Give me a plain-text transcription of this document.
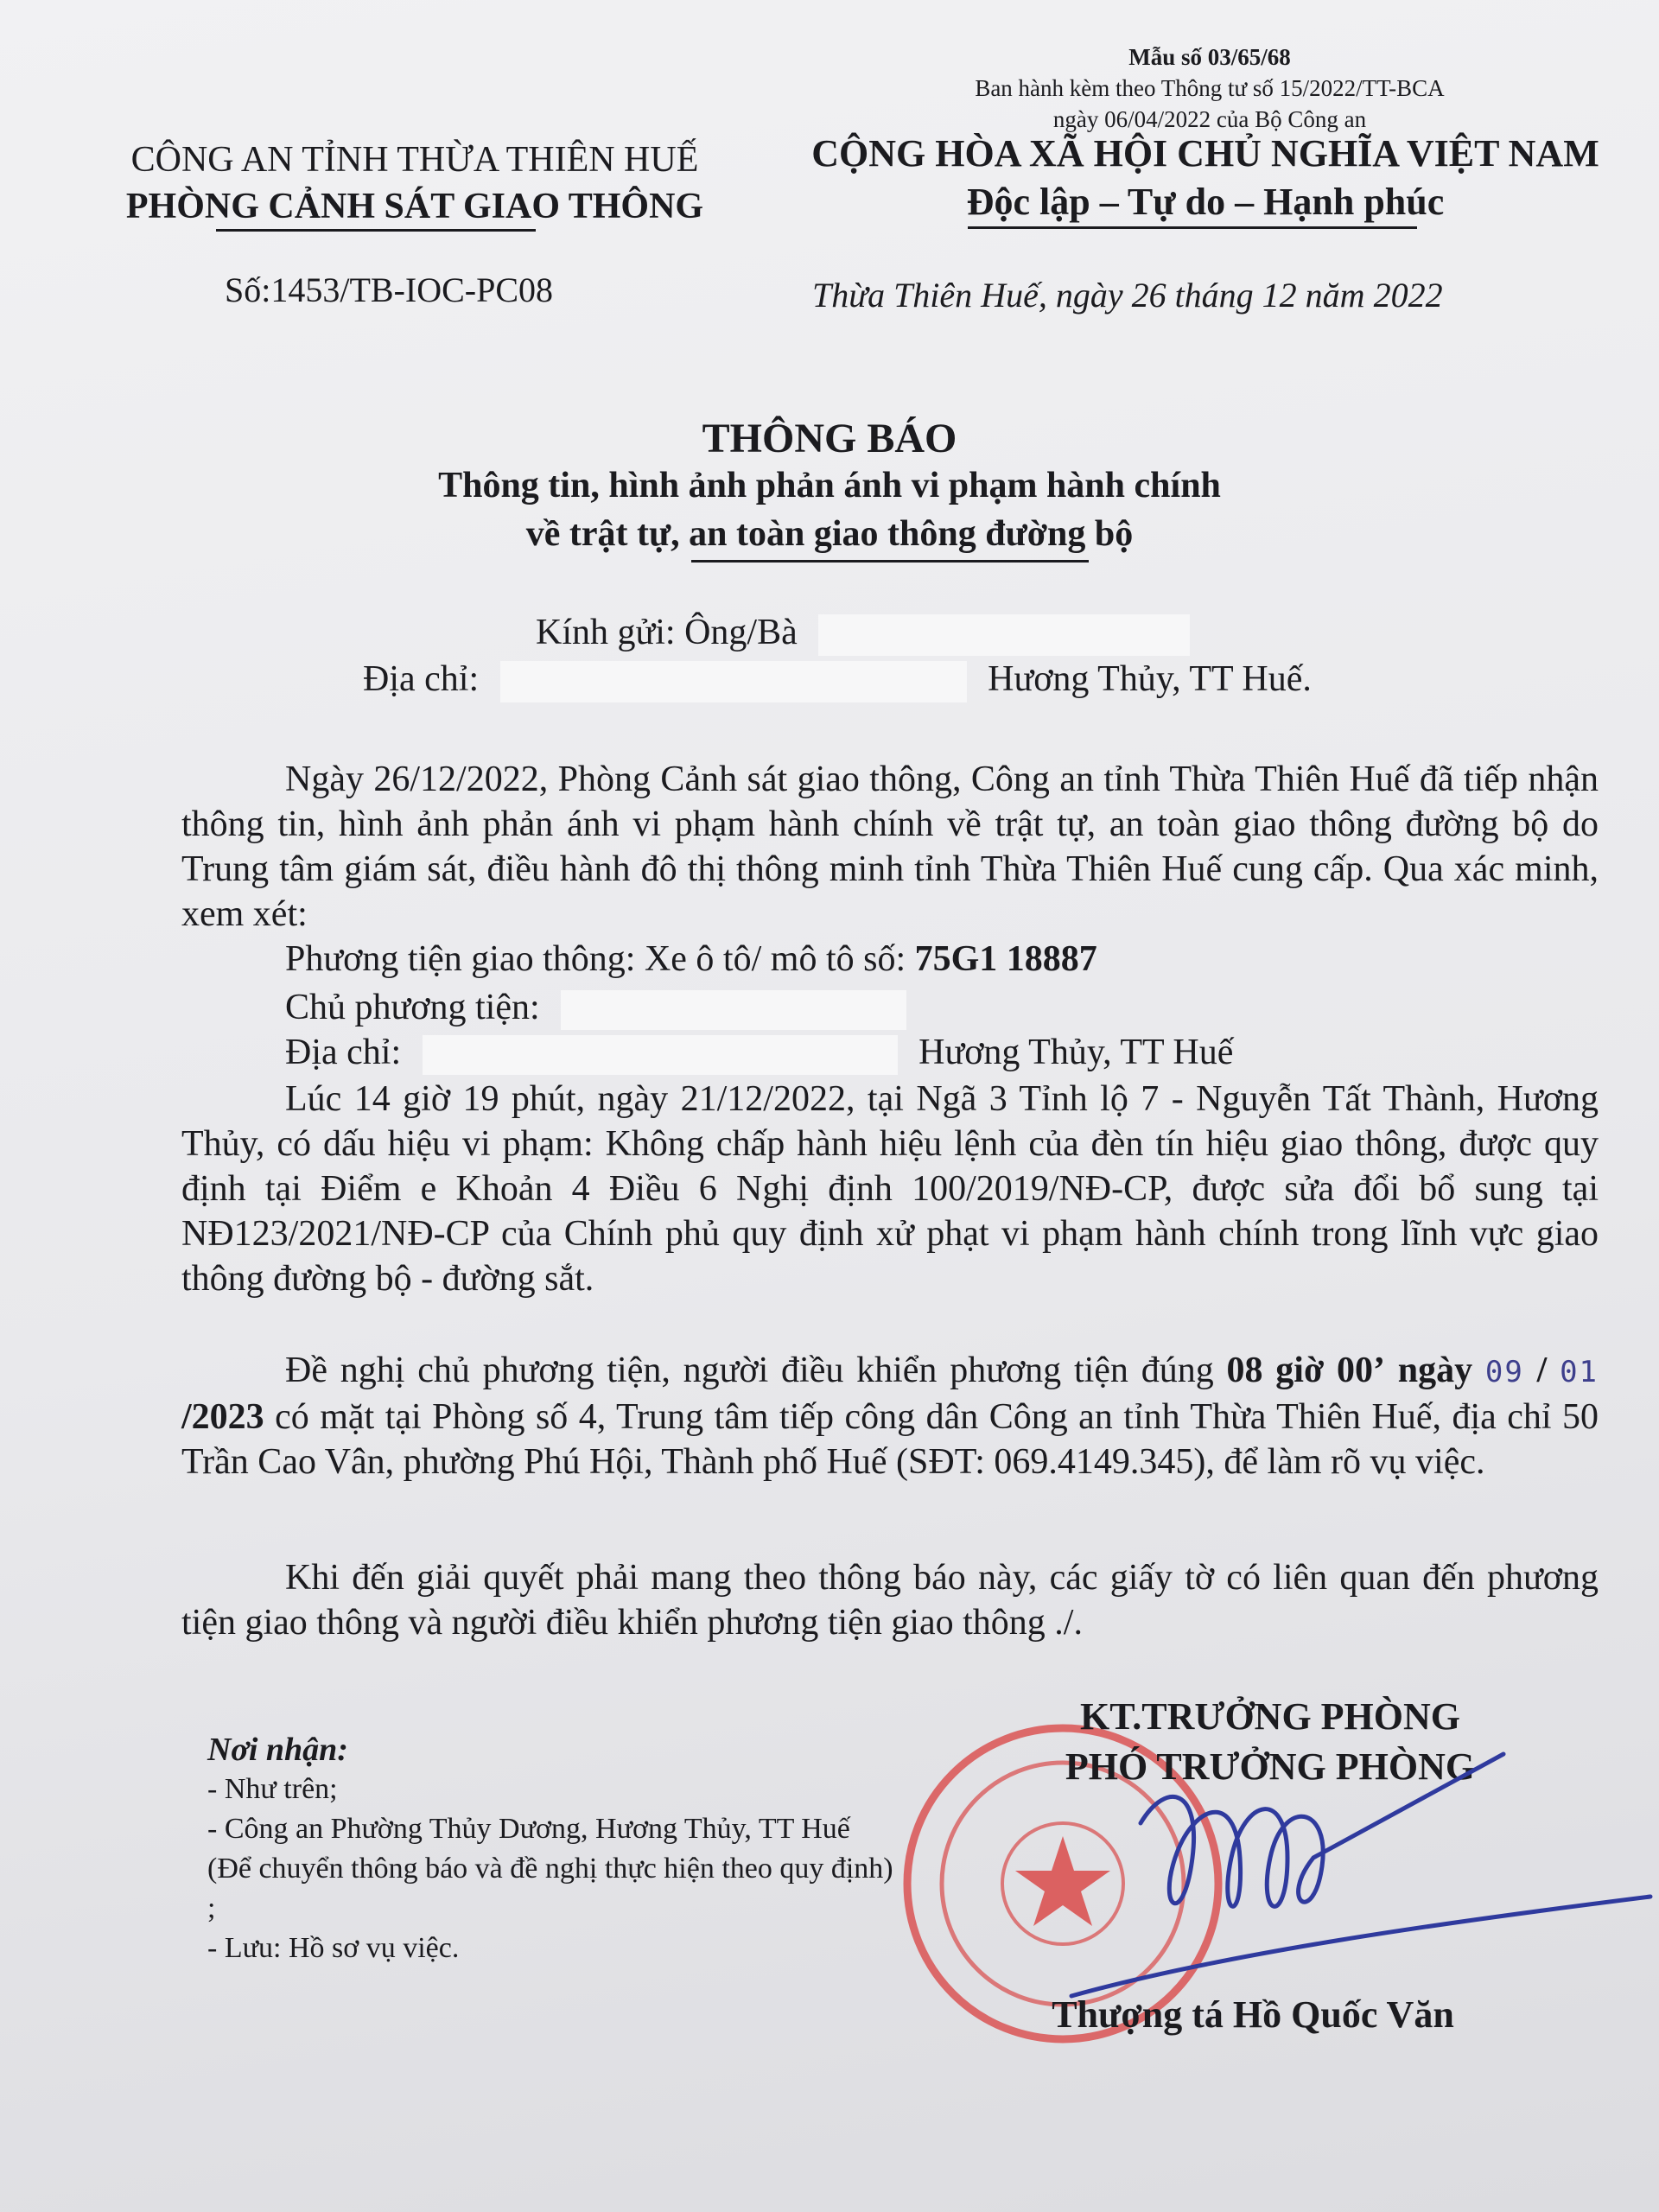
Mẫu số 03/65/68
Ban hành kèm theo Thông tư số 15/2022/TT-BCA
ngày 06/04/2022 của Bộ Công an
CÔNG AN TỈNH THỪA THIÊN HUẾ
PHÒNG CẢNH SÁT GIAO THÔNG
CỘNG HÒA XÃ HỘI CHỦ NGHĨA VIỆT NAM
Độc lập – Tự do – Hạnh phúc
Số:1453/TB-IOC-PC08	Thừa Thiên Huế, ngày 26 tháng 12 năm 2022
THÔNG BÁO
Thông tin, hình ảnh phản ánh vi phạm hành chính
về trật tự, an toàn giao thông đường bộ
Kính gửi: Ông/Bà
Địa chỉ:	Hương Thủy, TT Huế.
Ngày 26/12/2022, Phòng Cảnh sát giao thông, Công an tỉnh Thừa Thiên Huế đã tiếp nhận thông tin, hình ảnh phản ánh vi phạm hành chính về trật tự, an toàn giao thông đường bộ do Trung tâm giám sát, điều hành đô thị thông minh tỉnh Thừa Thiên Huế cung cấp. Qua xác minh, xem xét:
Phương tiện giao thông: Xe ô tô/ mô tô số: 75G1 18887
Chủ phương tiện:
Địa chỉ:	Hương Thủy, TT Huế
Lúc 14 giờ 19 phút, ngày 21/12/2022, tại Ngã 3 Tỉnh lộ 7 - Nguyễn Tất Thành, Hương Thủy, có dấu hiệu vi phạm: Không chấp hành hiệu lệnh của đèn tín hiệu giao thông, được quy định tại Điểm e Khoản 4 Điều 6 Nghị định 100/2019/NĐ-CP, được sửa đổi bổ sung tại NĐ123/2021/NĐ-CP của Chính phủ quy định xử phạt vi phạm hành chính trong lĩnh vực giao thông đường bộ - đường sắt.
Đề nghị chủ phương tiện, người điều khiển phương tiện đúng 08 giờ 00’ ngày 09 / 01 /2023 có mặt tại Phòng số 4, Trung tâm tiếp công dân Công an tỉnh Thừa Thiên Huế, địa chỉ 50 Trần Cao Vân, phường Phú Hội, Thành phố Huế (SĐT: 069.4149.345), để làm rõ vụ việc.
Khi đến giải quyết phải mang theo thông báo này, các giấy tờ có liên quan đến phương tiện giao thông và người điều khiển phương tiện giao thông ./.
Nơi nhận:
- Như trên;
- Công an Phường Thủy Dương, Hương Thủy, TT Huế (Để chuyển thông báo và đề nghị thực hiện theo quy định) ;
- Lưu: Hồ sơ vụ việc.
KT.TRƯỞNG PHÒNG
PHÓ TRƯỞNG PHÒNG
Thượng tá Hồ Quốc Văn
